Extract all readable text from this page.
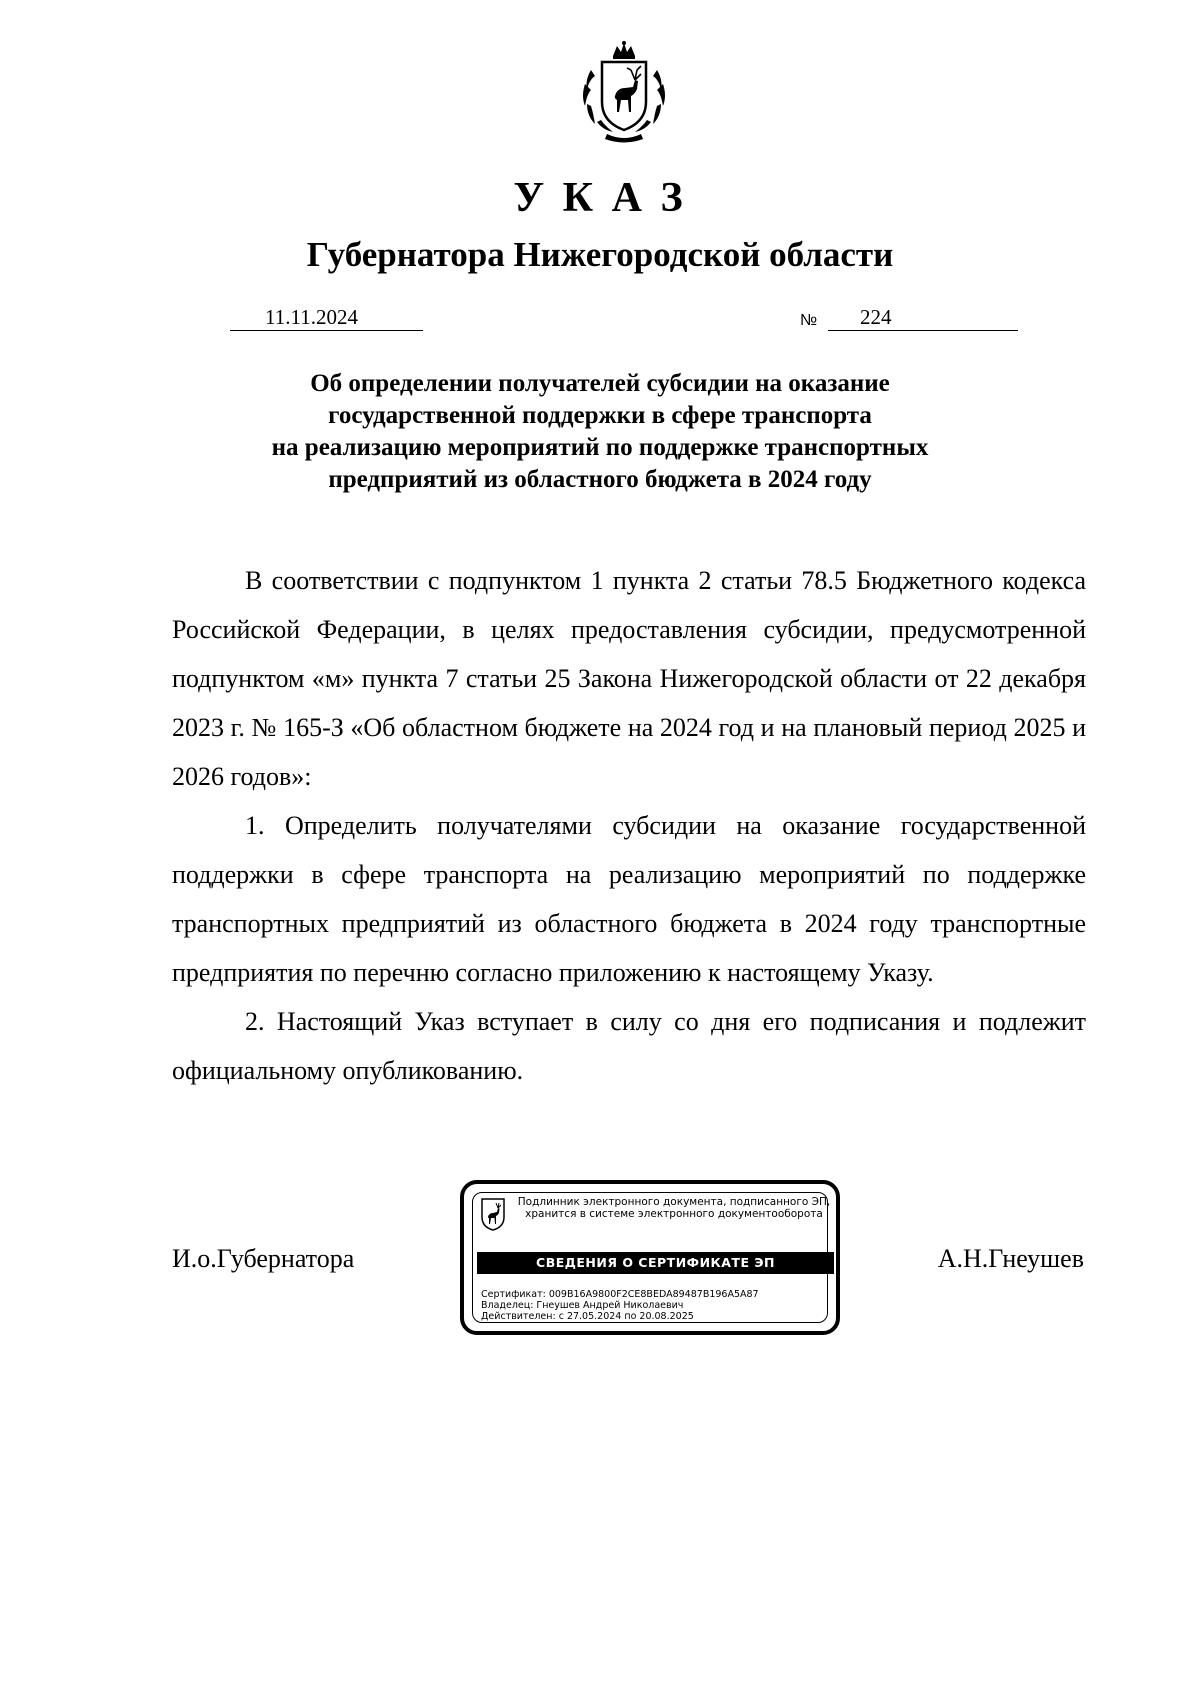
У К А З
Губернатора Нижегородской области
11.11.2024	№ 224
Об определении получателей субсидии на оказание
государственной поддержки в сфере транспорта
на реализацию мероприятий по поддержке транспортных
предприятий из областного бюджета в 2024 году

В соответствии с подпунктом 1 пункта 2 статьи 78.5 Бюджетного кодекса Российской Федерации, в целях предоставления субсидии, предусмотренной подпунктом «м» пункта 7 статьи 25 Закона Нижегородской области от 22 декабря 2023 г. № 165-З «Об областном бюджете на 2024 год и на плановый период 2025 и 2026 годов»:

1. Определить получателями субсидии на оказание государственной поддержки в сфере транспорта на реализацию мероприятий по поддержке транспортных предприятий из областного бюджета в 2024 году транспортные предприятия по перечню согласно приложению к настоящему Указу.

2. Настоящий Указ вступает в силу со дня его подписания и подлежит официальному опубликованию.

И.о.Губернатора	А.Н.Гнеушев
Подлинник электронного документа, подписанного ЭП,
хранится в системе электронного документооборота
СВЕДЕНИЯ О СЕРТИФИКАТЕ ЭП
Сертификат: 009B16A9800F2CE8BEDA89487B196A5A87
Владелец: Гнеушев Андрей Николаевич
Действителен: с 27.05.2024 по 20.08.2025
